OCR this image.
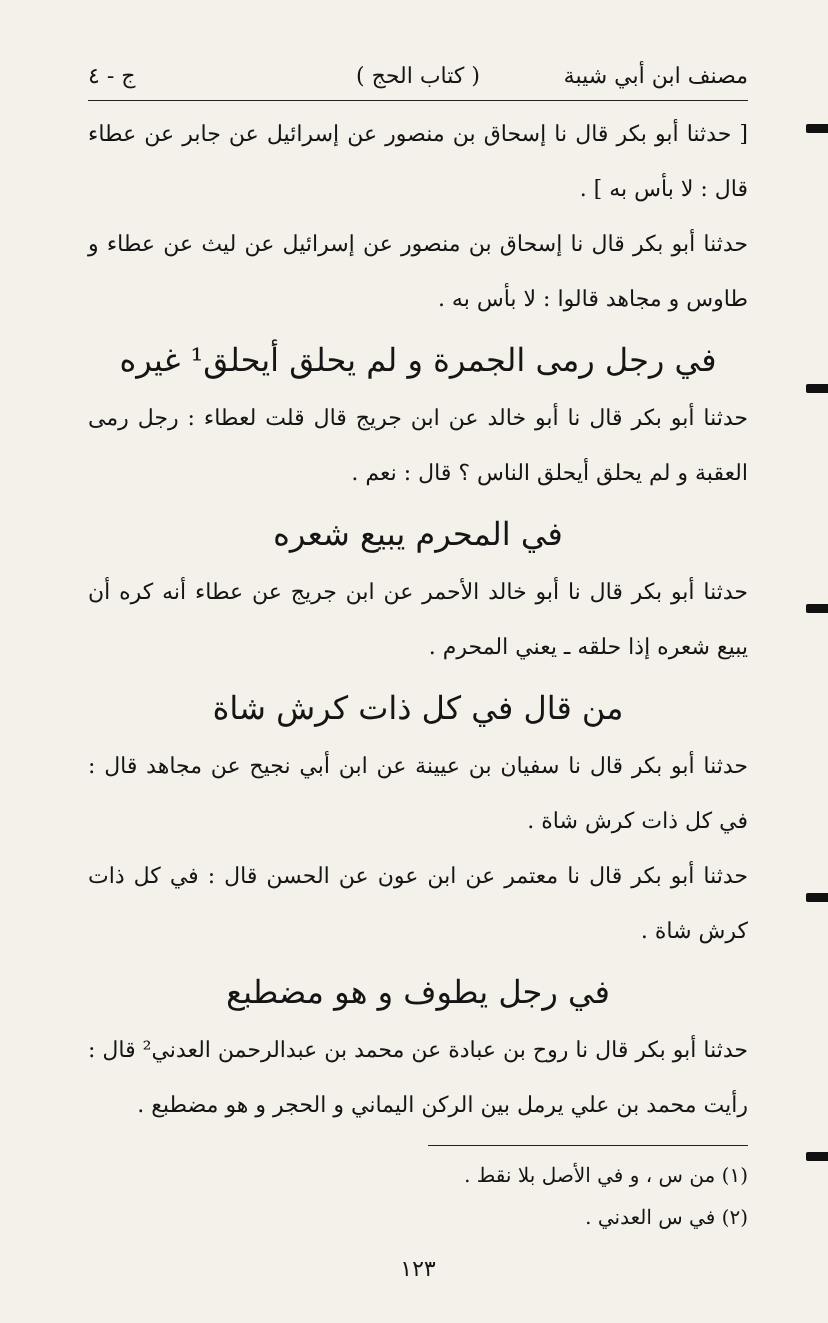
مصنف ابن أبي شيبة
( كتاب الحج )
ج - ٤

[ حدثنا أبو بكر قال نا إسحاق بن منصور عن إسرائيل عن جابر عن عطاء قال : لا بأس به ] .

حدثنا أبو بكر قال نا إسحاق بن منصور عن إسرائيل عن ليث عن عطاء و طاوس و مجاهد قالوا : لا بأس به .

في رجل رمى الجمرة و لم يحلق أيحلق¹ غيره

حدثنا أبو بكر قال نا أبو خالد عن ابن جريج قال قلت لعطاء : رجل رمى العقبة و لم يحلق أيحلق الناس ؟ قال : نعم .

في المحرم يبيع شعره

حدثنا أبو بكر قال نا أبو خالد الأحمر عن ابن جريج عن عطاء أنه كره أن يبيع شعره إذا حلقه ـ يعني المحرم .

من قال في كل ذات كرش شاة

حدثنا أبو بكر قال نا سفيان بن عيينة عن ابن أبي نجيح عن مجاهد قال : في كل ذات كرش شاة .

حدثنا أبو بكر قال نا معتمر عن ابن عون عن الحسن قال : في كل ذات كرش شاة .

في رجل يطوف و هو مضطبع

حدثنا أبو بكر قال نا روح بن عبادة عن محمد بن عبدالرحمن العدني² قال : رأيت محمد بن علي يرمل بين الركن اليماني و الحجر و هو مضطبع .

(١) من س ، و في الأصل بلا نقط .

(٢) في س العدني .

١٢٣
